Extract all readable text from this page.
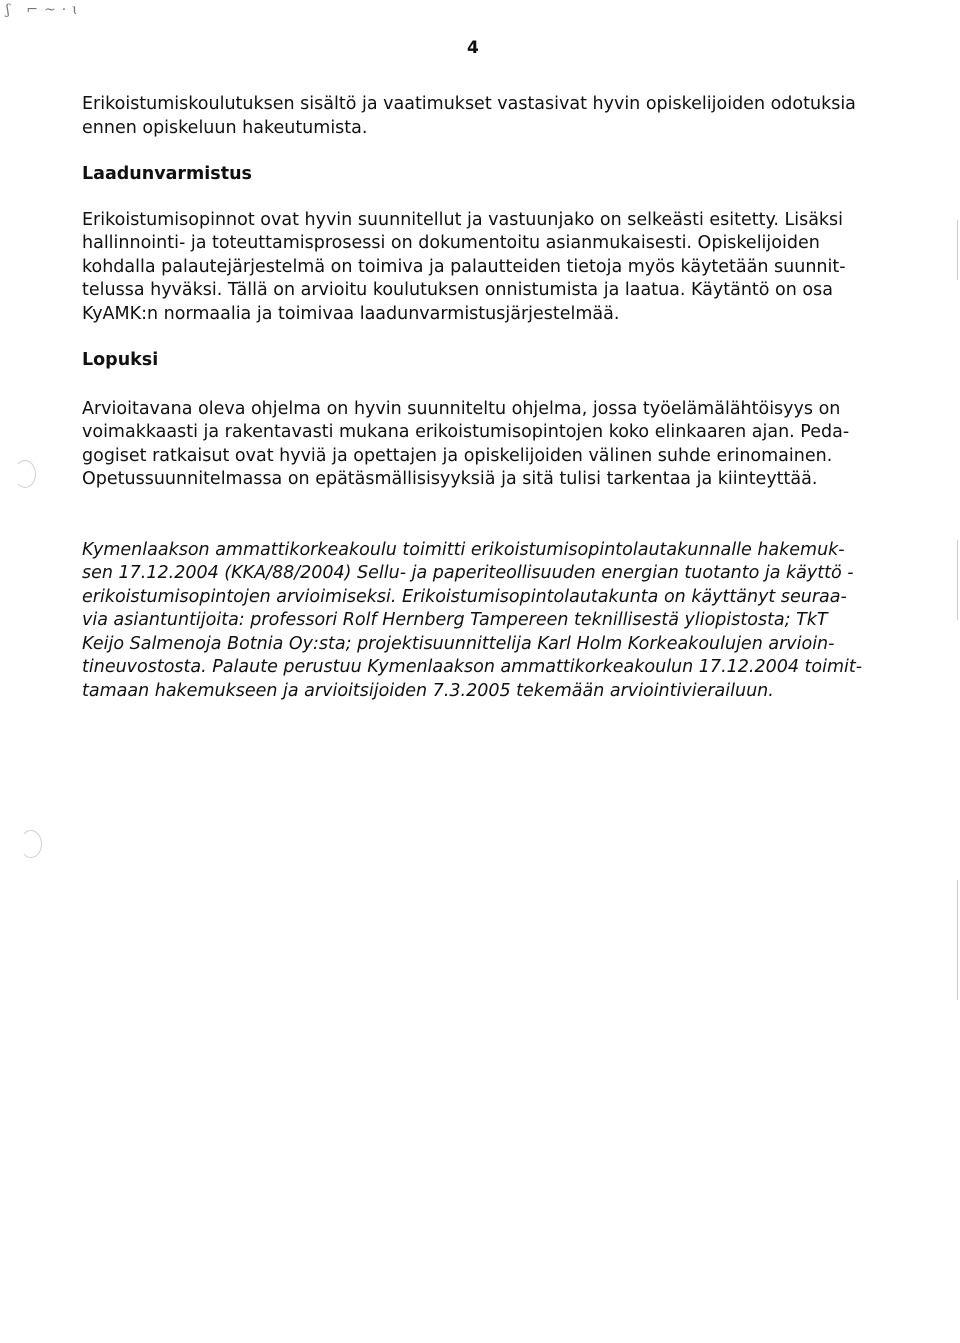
ʃ ⌐~·ɩ
4

Erikoistumiskoulutuksen sisältö ja vaatimukset vastasivat hyvin opiskelijoiden odotuksia
ennen opiskeluun hakeutumista.

Laadunvarmistus

Erikoistumisopinnot ovat hyvin suunnitellut ja vastuunjako on selkeästi esitetty. Lisäksi
hallinnointi- ja toteuttamisprosessi on dokumentoitu asianmukaisesti. Opiskelijoiden
kohdalla palautejärjestelmä on toimiva ja palautteiden tietoja myös käytetään suunnit-
telussa hyväksi. Tällä on arvioitu koulutuksen onnistumista ja laatua. Käytäntö on osa
KyAMK:n normaalia ja toimivaa laadunvarmistusjärjestelmää.

Lopuksi

Arvioitavana oleva ohjelma on hyvin suunniteltu ohjelma, jossa työelämälähtöisyys on
voimakkaasti ja rakentavasti mukana erikoistumisopintojen koko elinkaaren ajan. Peda-
gogiset ratkaisut ovat hyviä ja opettajen ja opiskelijoiden välinen suhde erinomainen.
Opetussuunnitelmassa on epätäsmällisisyyksiä ja sitä tulisi tarkentaa ja kiinteyttää.

Kymenlaakson ammattikorkeakoulu toimitti erikoistumisopintolautakunnalle hakemuk-
sen 17.12.2004 (KKA/88/2004) Sellu- ja paperiteollisuuden energian tuotanto ja käyttö -
erikoistumisopintojen arvioimiseksi. Erikoistumisopintolautakunta on käyttänyt seuraa-
via asiantuntijoita: professori Rolf Hernberg Tampereen teknillisestä yliopistosta; TkT
Keijo Salmenoja Botnia Oy:sta; projektisuunnittelija Karl Holm Korkeakoulujen arvioin-
tineuvostosta. Palaute perustuu Kymenlaakson ammattikorkeakoulun 17.12.2004 toimit-
tamaan hakemukseen ja arvioitsijoiden 7.3.2005 tekemään arviointivierailuun.
